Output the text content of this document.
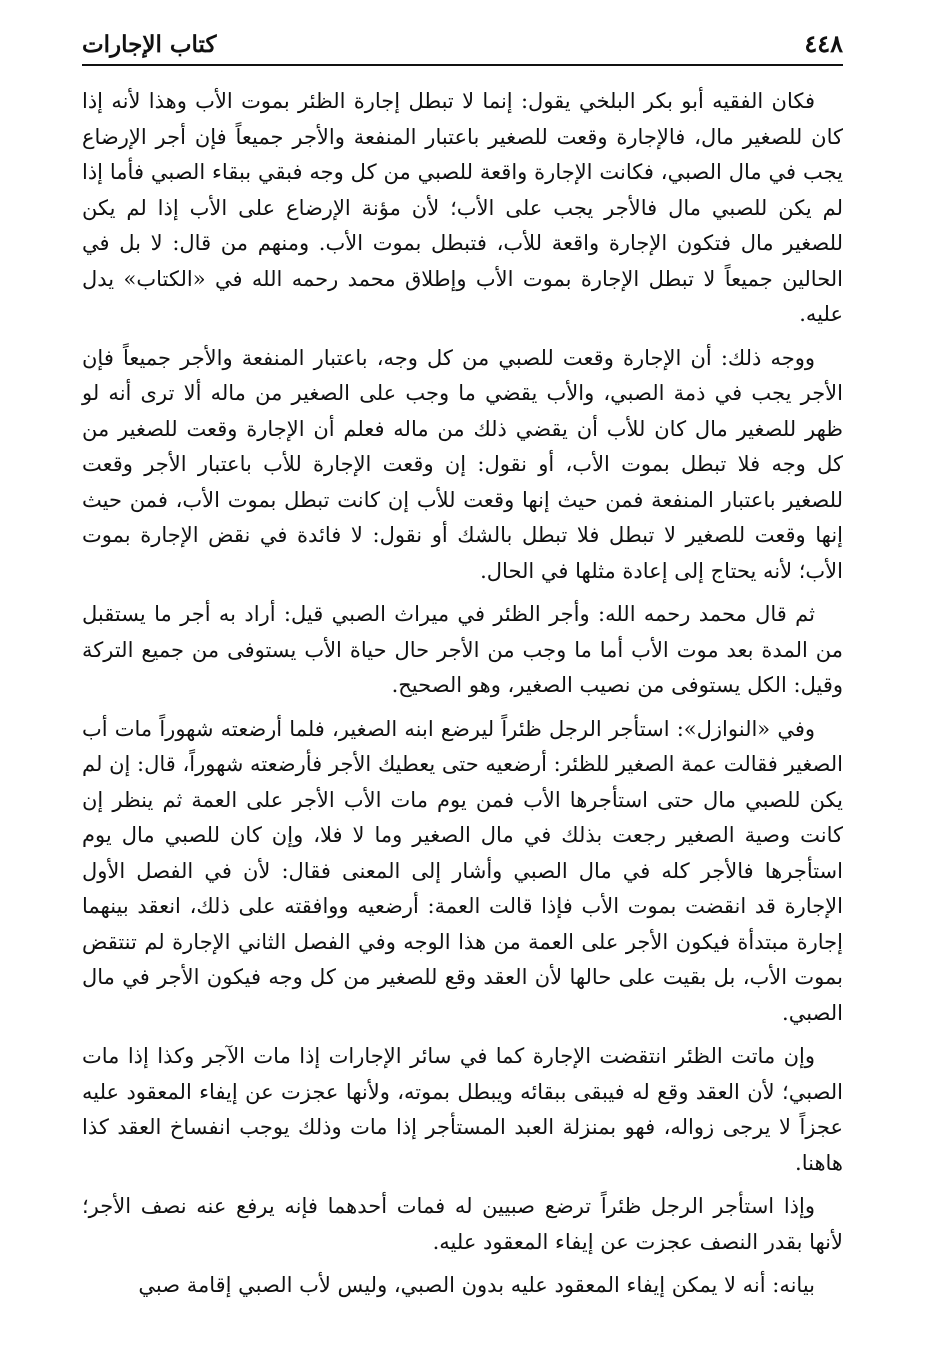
٤٤٨
كتاب الإجارات

فكان الفقيه أبو بكر البلخي يقول: إنما لا تبطل إجارة الظئر بموت الأب وهذا لأنه إذا كان للصغير مال، فالإجارة وقعت للصغير باعتبار المنفعة والأجر جميعاً فإن أجر الإرضاع يجب في مال الصبي، فكانت الإجارة واقعة للصبي من كل وجه فبقي ببقاء الصبي فأما إذا لم يكن للصبي مال فالأجر يجب على الأب؛ لأن مؤنة الإرضاع على الأب إذا لم يكن للصغير مال فتكون الإجارة واقعة للأب، فتبطل بموت الأب. ومنهم من قال: لا بل في الحالين جميعاً لا تبطل الإجارة بموت الأب وإطلاق محمد رحمه الله في «الكتاب» يدل عليه.

ووجه ذلك: أن الإجارة وقعت للصبي من كل وجه، باعتبار المنفعة والأجر جميعاً فإن الأجر يجب في ذمة الصبي، والأب يقضي ما وجب على الصغير من ماله ألا ترى أنه لو ظهر للصغير مال كان للأب أن يقضي ذلك من ماله فعلم أن الإجارة وقعت للصغير من كل وجه فلا تبطل بموت الأب، أو نقول: إن وقعت الإجارة للأب باعتبار الأجر وقعت للصغير باعتبار المنفعة فمن حيث إنها وقعت للأب إن كانت تبطل بموت الأب، فمن حيث إنها وقعت للصغير لا تبطل فلا تبطل بالشك أو نقول: لا فائدة في نقض الإجارة بموت الأب؛ لأنه يحتاج إلى إعادة مثلها في الحال.

ثم قال محمد رحمه الله: وأجر الظئر في ميراث الصبي قيل: أراد به أجر ما يستقبل من المدة بعد موت الأب أما ما وجب من الأجر حال حياة الأب يستوفى من جميع التركة وقيل: الكل يستوفى من نصيب الصغير، وهو الصحيح.

وفي «النوازل»: استأجر الرجل ظئراً ليرضع ابنه الصغير، فلما أرضعته شهوراً مات أب الصغير فقالت عمة الصغير للظئر: أرضعيه حتى يعطيك الأجر فأرضعته شهوراً، قال: إن لم يكن للصبي مال حتى استأجرها الأب فمن يوم مات الأب الأجر على العمة ثم ينظر إن كانت وصية الصغير رجعت بذلك في مال الصغير وما لا فلا، وإن كان للصبي مال يوم استأجرها فالأجر كله في مال الصبي وأشار إلى المعنى فقال: لأن في الفصل الأول الإجارة قد انقضت بموت الأب فإذا قالت العمة: أرضعيه ووافقته على ذلك، انعقد بينهما إجارة مبتدأة فيكون الأجر على العمة من هذا الوجه وفي الفصل الثاني الإجارة لم تنتقض بموت الأب، بل بقيت على حالها لأن العقد وقع للصغير من كل وجه فيكون الأجر في مال الصبي.

وإن ماتت الظئر انتقضت الإجارة كما في سائر الإجارات إذا مات الآجر وكذا إذا مات الصبي؛ لأن العقد وقع له فيبقى ببقائه ويبطل بموته، ولأنها عجزت عن إيفاء المعقود عليه عجزاً لا يرجى زواله، فهو بمنزلة العبد المستأجر إذا مات وذلك يوجب انفساخ العقد كذا هاهنا.

وإذا استأجر الرجل ظئراً ترضع صبيين له فمات أحدهما فإنه يرفع عنه نصف الأجر؛ لأنها بقدر النصف عجزت عن إيفاء المعقود عليه.

بيانه: أنه لا يمكن إيفاء المعقود عليه بدون الصبي، وليس لأب الصبي إقامة صبي
